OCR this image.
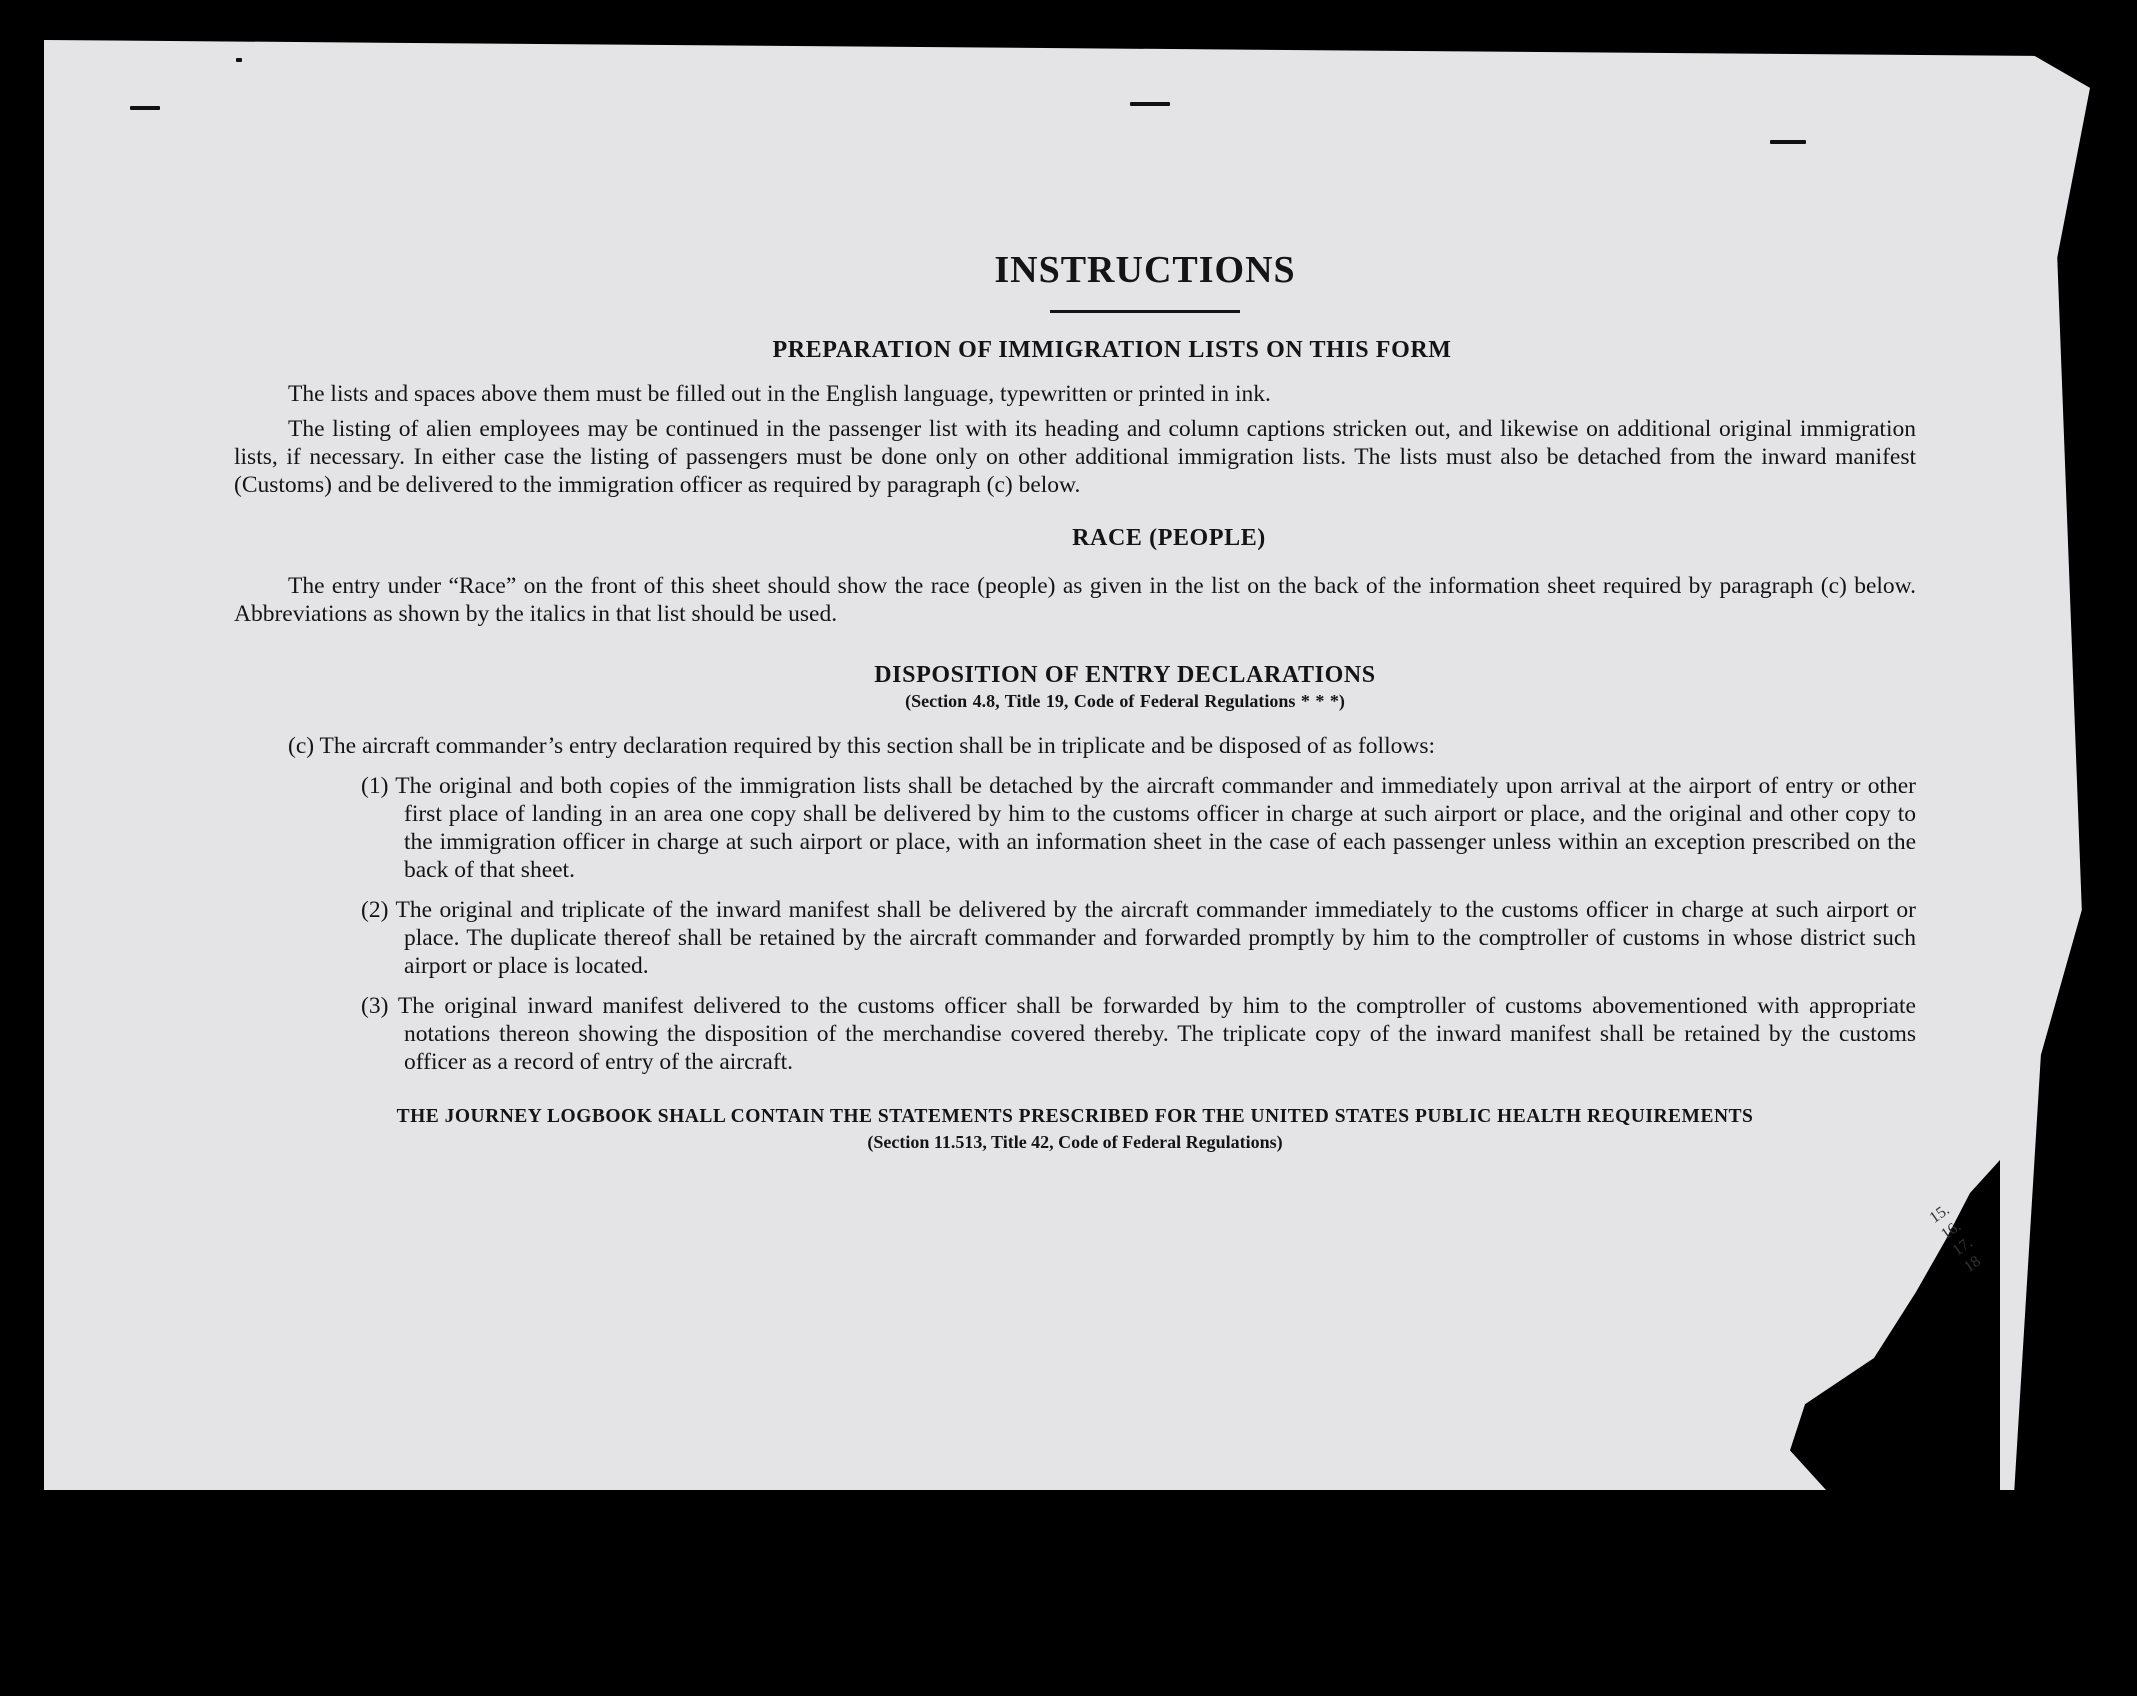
INSTRUCTIONS
PREPARATION OF IMMIGRATION LISTS ON THIS FORM

The lists and spaces above them must be filled out in the English language, typewritten or printed in ink.

The listing of alien employees may be continued in the passenger list with its heading and column captions stricken out, and likewise on additional original immigration lists, if necessary. In either case the listing of passengers must be done only on other additional immigration lists. The lists must also be detached from the inward manifest (Customs) and be delivered to the immigration officer as required by paragraph (c) below.

RACE (PEOPLE)

The entry under “Race” on the front of this sheet should show the race (people) as given in the list on the back of the information sheet required by paragraph (c) below. Abbreviations as shown by the italics in that list should be used.

DISPOSITION OF ENTRY DECLARATIONS
(Section 4.8, Title 19, Code of Federal Regulations * * *)

(c) The aircraft commander’s entry declaration required by this section shall be in triplicate and be disposed of as follows:

(1) The original and both copies of the immigration lists shall be detached by the aircraft commander and immediately upon arrival at the airport of entry or other first place of landing in an area one copy shall be delivered by him to the customs officer in charge at such airport or place, and the original and other copy to the immigration officer in charge at such airport or place, with an information sheet in the case of each passenger unless within an exception prescribed on the back of that sheet.

(2) The original and triplicate of the inward manifest shall be delivered by the aircraft commander immediately to the customs officer in charge at such airport or place. The duplicate thereof shall be retained by the aircraft commander and forwarded promptly by him to the comptroller of customs in whose district such airport or place is located.

(3) The original inward manifest delivered to the customs officer shall be forwarded by him to the comptroller of customs abovementioned with appropriate notations thereon showing the disposition of the merchandise covered thereby. The triplicate copy of the inward manifest shall be retained by the customs officer as a record of entry of the aircraft.

THE JOURNEY LOGBOOK SHALL CONTAIN THE STATEMENTS PRESCRIBED FOR THE UNITED STATES PUBLIC HEALTH REQUIREMENTS
(Section 11.513, Title 42, Code of Federal Regulations)
15.
16.
17.
18
